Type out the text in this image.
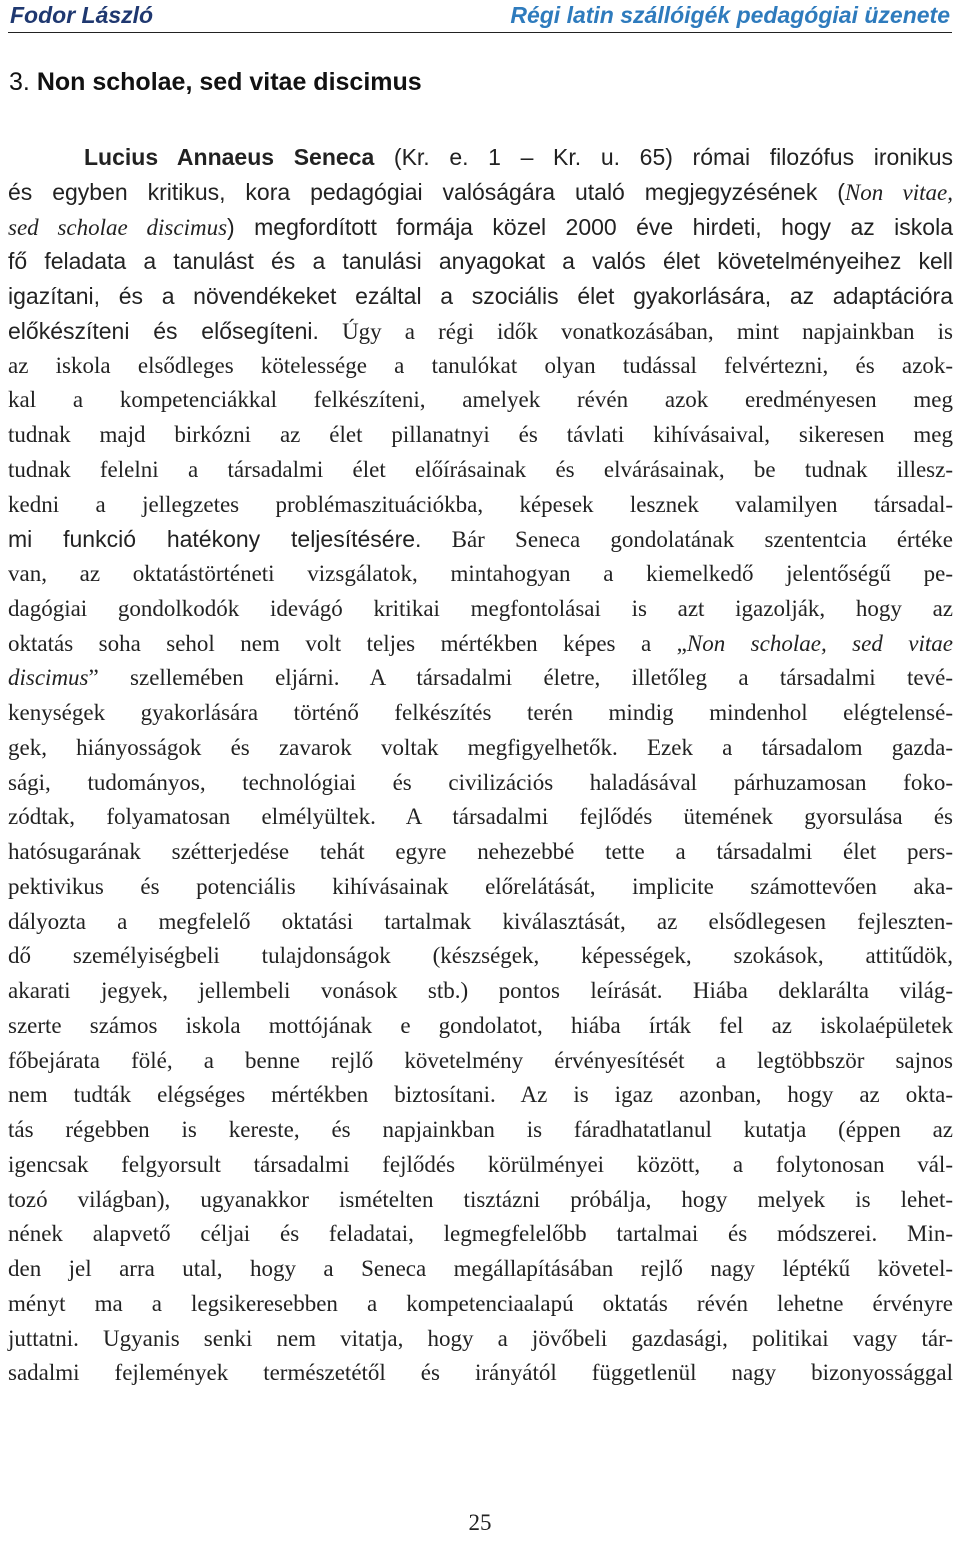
Fodor László	Régi latin szállóigék pedagógiai üzenete
3. Non scholae, sed vitae discimus
Lucius Annaeus Seneca (Kr. e. 1 – Kr. u. 65) római filozófus ironikus
és egyben kritikus, kora pedagógiai valóságára utaló megjegyzésének (Non vitae,
sed scholae discimus) megfordított formája közel 2000 éve hirdeti, hogy az iskola
fő feladata a tanulást és a tanulási anyagokat a valós élet követelményeihez kell
igazítani, és a növendékeket ezáltal a szociális élet gyakorlására, az adaptációra
előkészíteni és elősegíteni. Úgy a régi idők vonatkozásában, mint napjainkban is
az iskola elsődleges kötelessége a tanulókat olyan tudással felvértezni, és azok-
kal a kompetenciákkal felkészíteni, amelyek révén azok eredményesen meg
tudnak majd birkózni az élet pillanatnyi és távlati kihívásaival, sikeresen meg
tudnak felelni a társadalmi élet előírásainak és elvárásainak, be tudnak illesz-
kedni a jellegzetes problémaszituációkba, képesek lesznek valamilyen társadal-
mi funkció hatékony teljesítésére. Bár Seneca gondolatának szententcia értéke
van, az oktatástörténeti vizsgálatok, mintahogyan a kiemelkedő jelentőségű pe-
dagógiai gondolkodók idevágó kritikai megfontolásai is azt igazolják, hogy az
oktatás soha sehol nem volt teljes mértékben képes a „Non scholae, sed vitae
discimus” szellemében eljárni. A társadalmi életre, illetőleg a társadalmi tevé-
kenységek gyakorlására történő felkészítés terén mindig mindenhol elégtelensé-
gek, hiányosságok és zavarok voltak megfigyelhetők. Ezek a társadalom gazda-
sági, tudományos, technológiai és civilizációs haladásával párhuzamosan foko-
zódtak, folyamatosan elmélyültek. A társadalmi fejlődés ütemének gyorsulása és
hatósugarának szétterjedése tehát egyre nehezebbé tette a társadalmi élet pers-
pektivikus és potenciális kihívásainak előrelátását, implicite számottevően aka-
dályozta a megfelelő oktatási tartalmak kiválasztását, az elsődlegesen fejleszten-
dő személyiségbeli tulajdonságok (készségek, képességek, szokások, attitűdök,
akarati jegyek, jellembeli vonások stb.) pontos leírását. Hiába deklarálta világ-
szerte számos iskola mottójának e gondolatot, hiába írták fel az iskolaépületek
főbejárata fölé, a benne rejlő követelmény érvényesítését a legtöbbször sajnos
nem tudták elégséges mértékben biztosítani. Az is igaz azonban, hogy az okta-
tás régebben is kereste, és napjainkban is fáradhatatlanul kutatja (éppen az
igencsak felgyorsult társadalmi fejlődés körülményei között, a folytonosan vál-
tozó világban), ugyanakkor ismételten tisztázni próbálja, hogy melyek is lehet-
nének alapvető céljai és feladatai, legmegfelelőbb tartalmai és módszerei. Min-
den jel arra utal, hogy a Seneca megállapításában rejlő nagy léptékű követel-
ményt ma a legsikeresebben a kompetenciaalapú oktatás révén lehetne érvényre
juttatni. Ugyanis senki nem vitatja, hogy a jövőbeli gazdasági, politikai vagy tár-
sadalmi fejlemények természetétől és irányától függetlenül nagy bizonyossággal
25
